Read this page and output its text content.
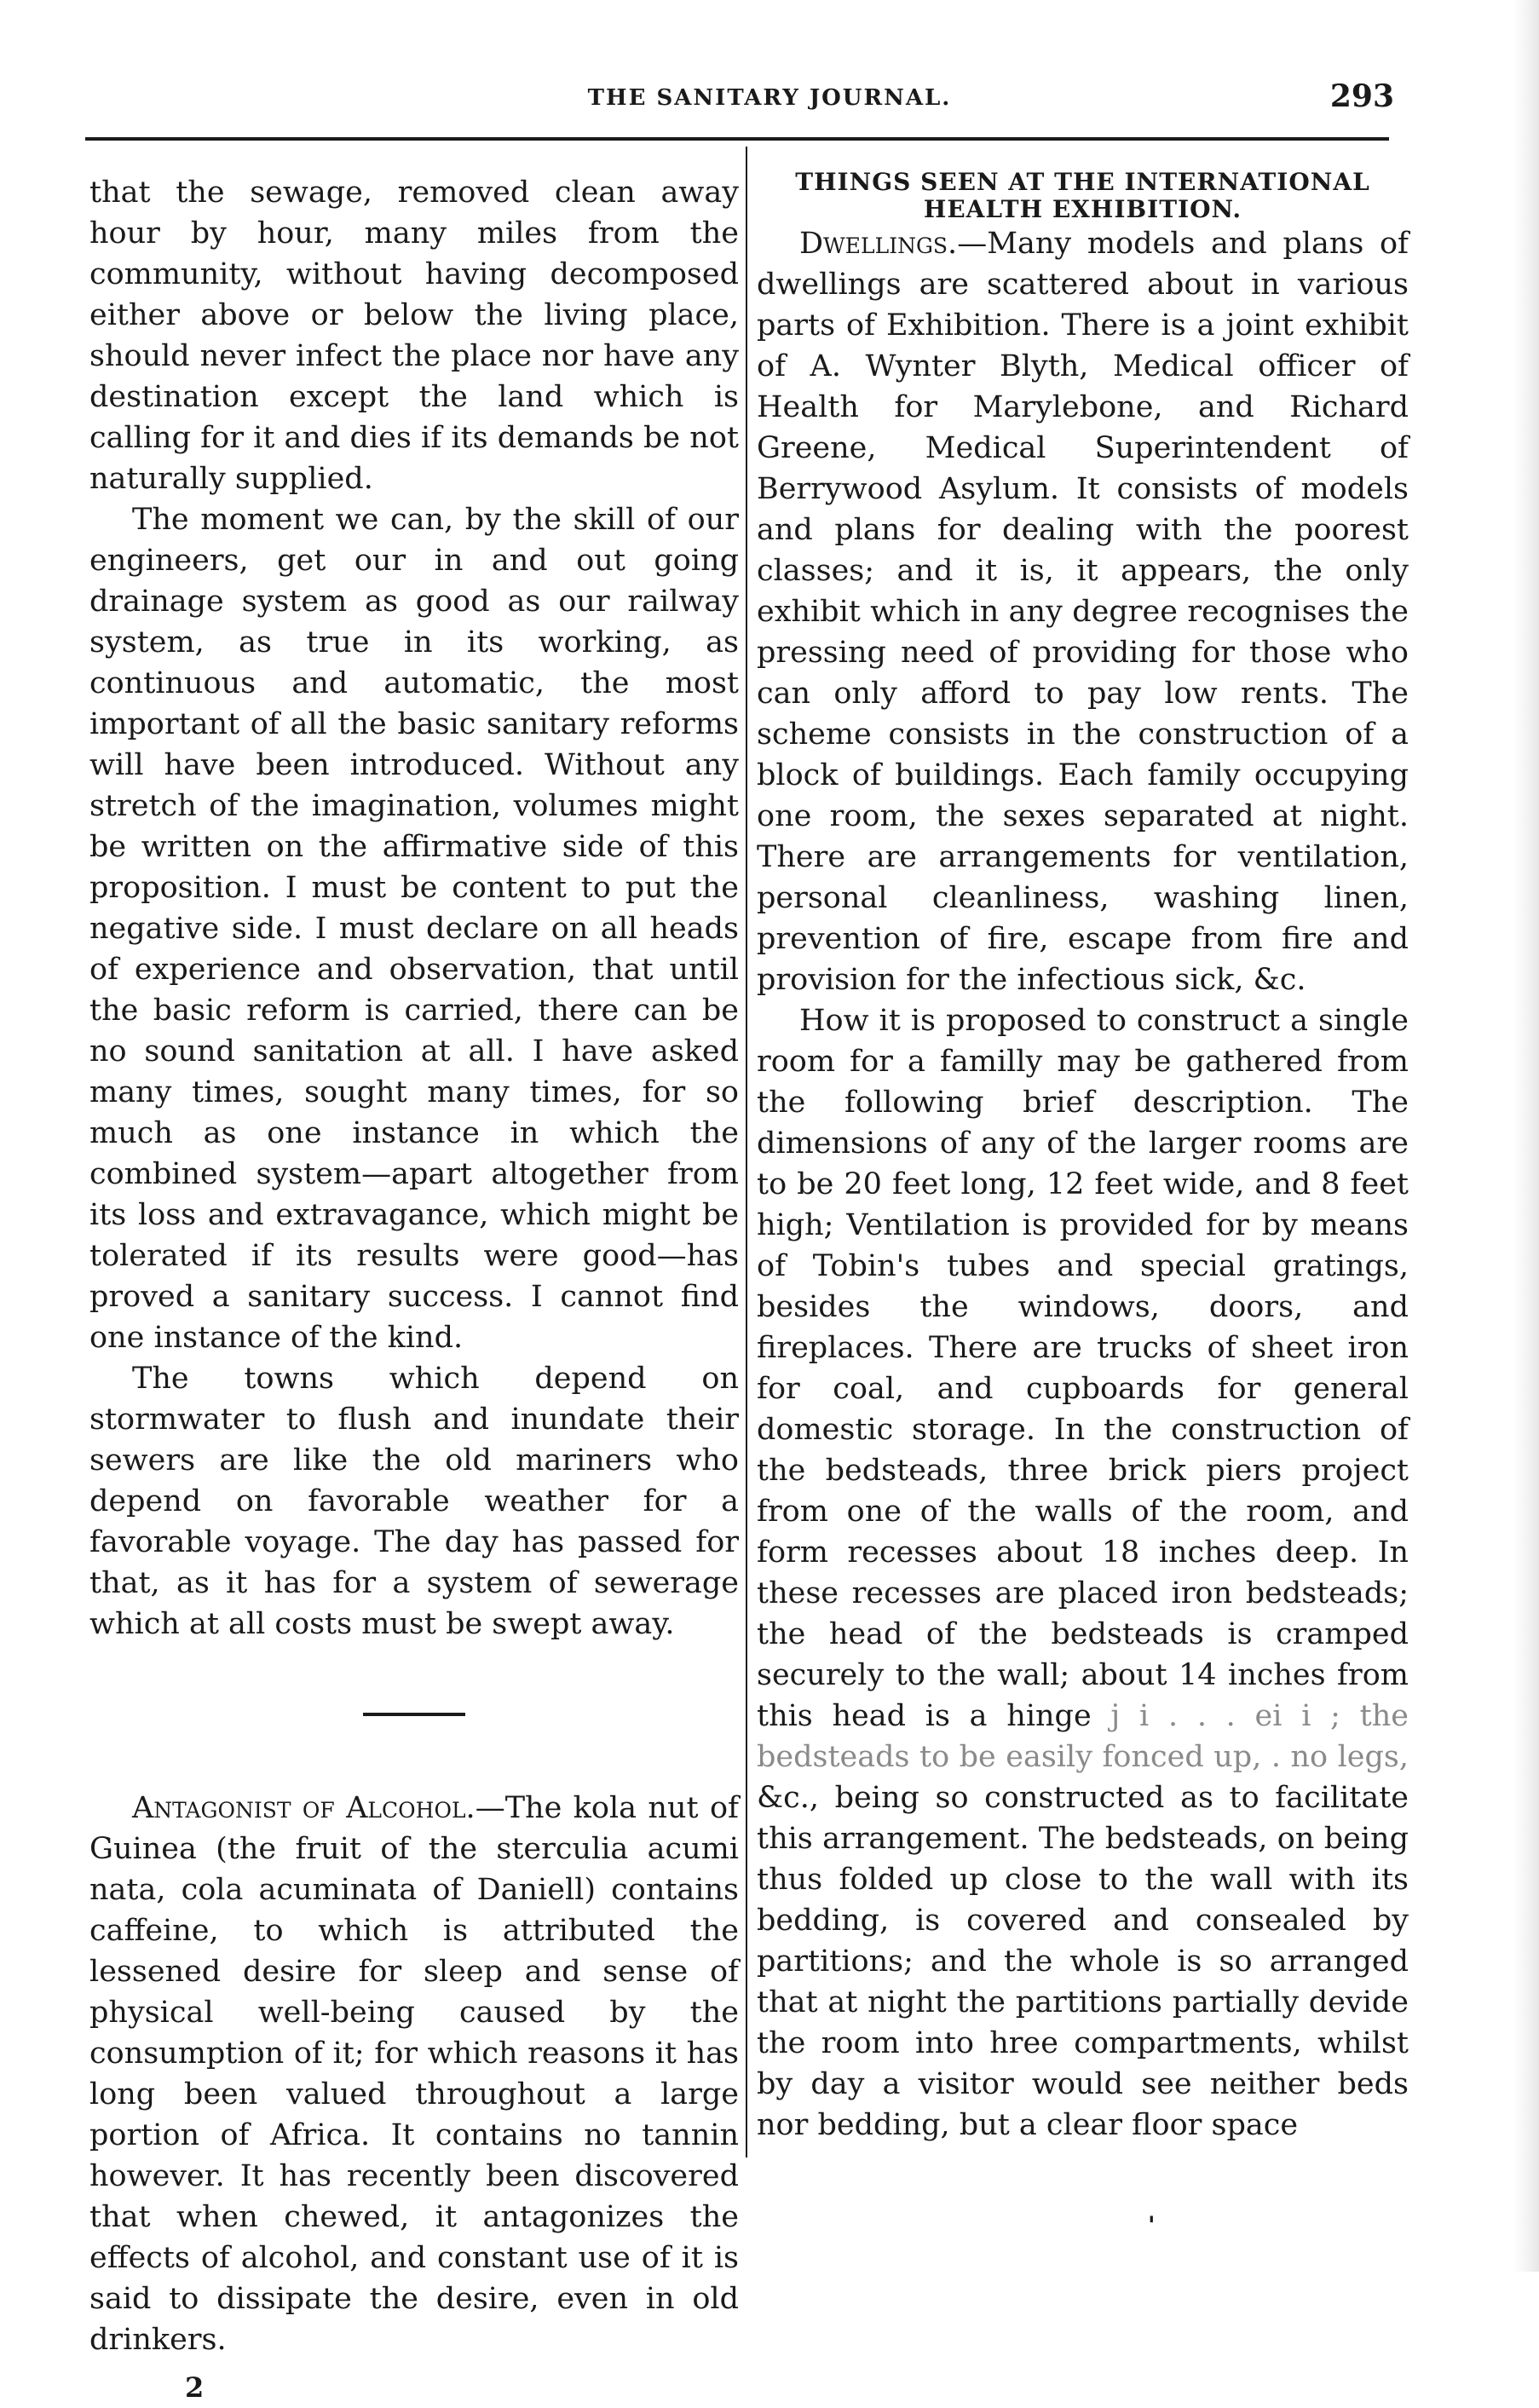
THE SANITARY JOURNAL.	293

that the sewage, removed clean away hour by hour, many miles from the community, without having decomposed either above or below the living place, should never infect the place nor have any destination except the land which is calling for it and dies if its demands be not naturally supplied.

The moment we can, by the skill of our engineers, get our in and out going drainage system as good as our railway system, as true in its working, as continuous and automatic, the most important of all the basic sanitary reforms will have been introduced. Without any stretch of the imagination, volumes might be written on the affirmative side of this proposition. I must be content to put the negative side. I must declare on all heads of experience and observation, that until the basic reform is carried, there can be no sound sanitation at all. I have asked many times, sought many times, for so much as one instance in which the combined system—apart altogether from its loss and extravagance, which might be tolerated if its results were good—has proved a sanitary success. I cannot find one instance of the kind.

The towns which depend on stormwater to flush and inundate their sewers are like the old mariners who depend on favorable weather for a favorable voyage. The day has passed for that, as it has for a system of sewerage which at all costs must be swept away.

Antagonist of Alcohol.—The kola nut of Guinea (the fruit of the sterculia acumi nata, cola acuminata of Daniell) contains caffeine, to which is attributed the lessened desire for sleep and sense of physical well-being caused by the consumption of it; for which reasons it has long been valued throughout a large portion of Africa. It contains no tannin however. It has recently been discovered that when chewed, it antagonizes the effects of alcohol, and constant use of it is said to dissipate the desire, even in old drinkers.

2

THINGS SEEN AT THE INTERNATIONAL HEALTH EXHIBITION.

Dwellings.—Many models and plans of dwellings are scattered about in various parts of Exhibition. There is a joint exhibit of A. Wynter Blyth, Medical officer of Health for Marylebone, and Richard Greene, Medical Superintendent of Berrywood Asylum. It consists of models and plans for dealing with the poorest classes; and it is, it appears, the only exhibit which in any degree recognises the pressing need of providing for those who can only afford to pay low rents. The scheme consists in the construction of a block of buildings. Each family occupying one room, the sexes separated at night. There are arrangements for ventilation, personal cleanliness, washing linen, prevention of fire, escape from fire and provision for the infectious sick, &c.

How it is proposed to construct a single room for a familly may be gathered from the following brief description. The dimensions of any of the larger rooms are to be 20 feet long, 12 feet wide, and 8 feet high; Ventilation is provided for by means of Tobin's tubes and special gratings, besides the windows, doors, and fireplaces. There are trucks of sheet iron for coal, and cupboards for general domestic storage. In the construction of the bedsteads, three brick piers project from one of the walls of the room, and form recesses about 18 inches deep. In these recesses are placed iron bedsteads; the head of the bedsteads is cramped securely to the wall; about 14 inches from this head is a hinge j i . . . ei i ; the bedsteads to be easily fonced up, . no legs, &c., being so constructed as to facilitate this arrangement. The bedsteads, on being thus folded up close to the wall with its bedding, is covered and consealed by partitions; and the whole is so arranged that at night the partitions partially devide the room into hree compartments, whilst by day a visitor would see neither beds nor bedding, but a clear floor space

'
